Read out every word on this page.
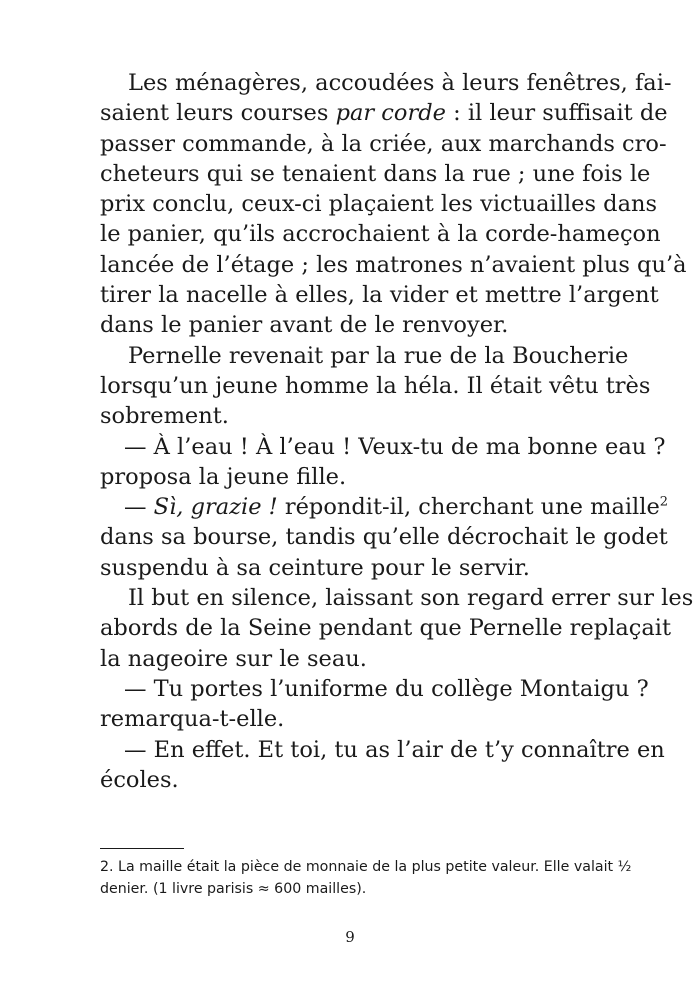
Les ménagères, accoudées à leurs fenêtres, fai-
saient leurs courses par corde : il leur suffisait de
passer commande, à la criée, aux marchands cro-
cheteurs qui se tenaient dans la rue ; une fois le
prix conclu, ceux-ci plaçaient les victuailles dans
le panier, qu’ils accrochaient à la corde-hameçon
lancée de l’étage ; les matrones n’avaient plus qu’à
tirer la nacelle à elles, la vider et mettre l’argent
dans le panier avant de le renvoyer.
Pernelle revenait par la rue de la Boucherie
lorsqu’un jeune homme la héla. Il était vêtu très
sobrement.
— À l’eau ! À l’eau ! Veux-tu de ma bonne eau ?
proposa la jeune fille.
— Sì, grazie ! répondit-il, cherchant une maille$^2$
dans sa bourse, tandis qu’elle décrochait le godet
suspendu à sa ceinture pour le servir.
Il but en silence, laissant son regard errer sur les
abords de la Seine pendant que Pernelle replaçait
la nageoire sur le seau.
— Tu portes l’uniforme du collège Montaigu ?
remarqua-t-elle.
— En effet. Et toi, tu as l’air de t’y connaître en
écoles.
2. La maille était la pièce de monnaie de la plus petite valeur. Elle valait ½
denier. (1 livre parisis ≈ 600 mailles).
9
